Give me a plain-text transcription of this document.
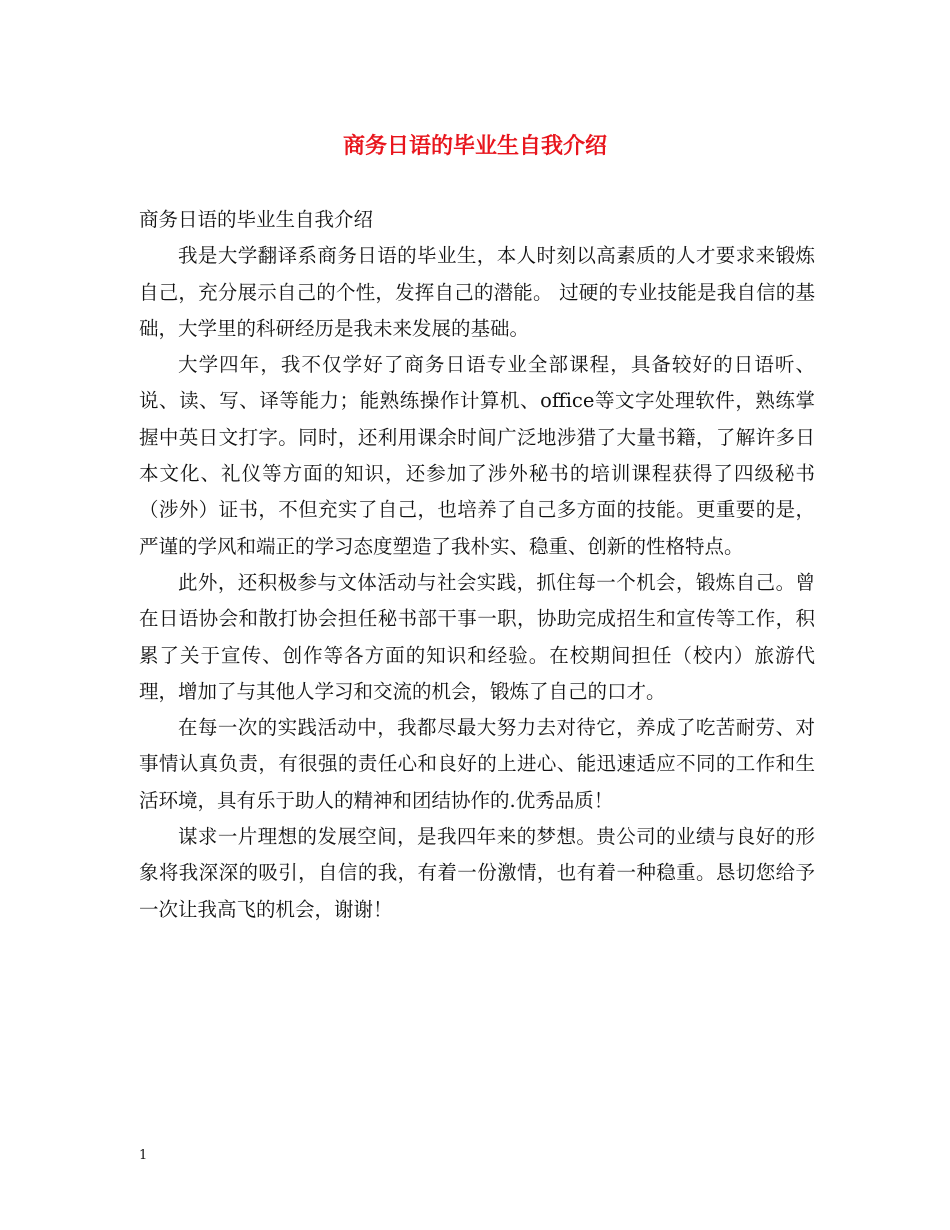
商务日语的毕业生自我介绍

商务日语的毕业生自我介绍

我是大学翻译系商务日语的毕业生，本人时刻以高素质的人才要求来锻炼自己，充分展示自己的个性，发挥自己的潜能。 过硬的专业技能是我自信的基础，大学里的科研经历是我未来发展的基础。

大学四年，我不仅学好了商务日语专业全部课程，具备较好的日语听、说、读、写、译等能力；能熟练操作计算机、office等文字处理软件，熟练掌握中英日文打字。同时，还利用课余时间广泛地涉猎了大量书籍，了解许多日本文化、礼仪等方面的知识，还参加了涉外秘书的培训课程获得了四级秘书（涉外）证书，不但充实了自己，也培养了自己多方面的技能。更重要的是，严谨的学风和端正的学习态度塑造了我朴实、稳重、创新的性格特点。

此外，还积极参与文体活动与社会实践，抓住每一个机会，锻炼自己。曾在日语协会和散打协会担任秘书部干事一职，协助完成招生和宣传等工作，积累了关于宣传、创作等各方面的知识和经验。在校期间担任（校内）旅游代理，增加了与其他人学习和交流的机会，锻炼了自己的口才。

在每一次的实践活动中，我都尽最大努力去对待它，养成了吃苦耐劳、对事情认真负责，有很强的责任心和良好的上进心、能迅速适应不同的工作和生活环境，具有乐于助人的精神和团结协作的.优秀品质！

谋求一片理想的发展空间，是我四年来的梦想。贵公司的业绩与良好的形象将我深深的吸引，自信的我，有着一份激情，也有着一种稳重。恳切您给予一次让我高飞的机会，谢谢！

1
